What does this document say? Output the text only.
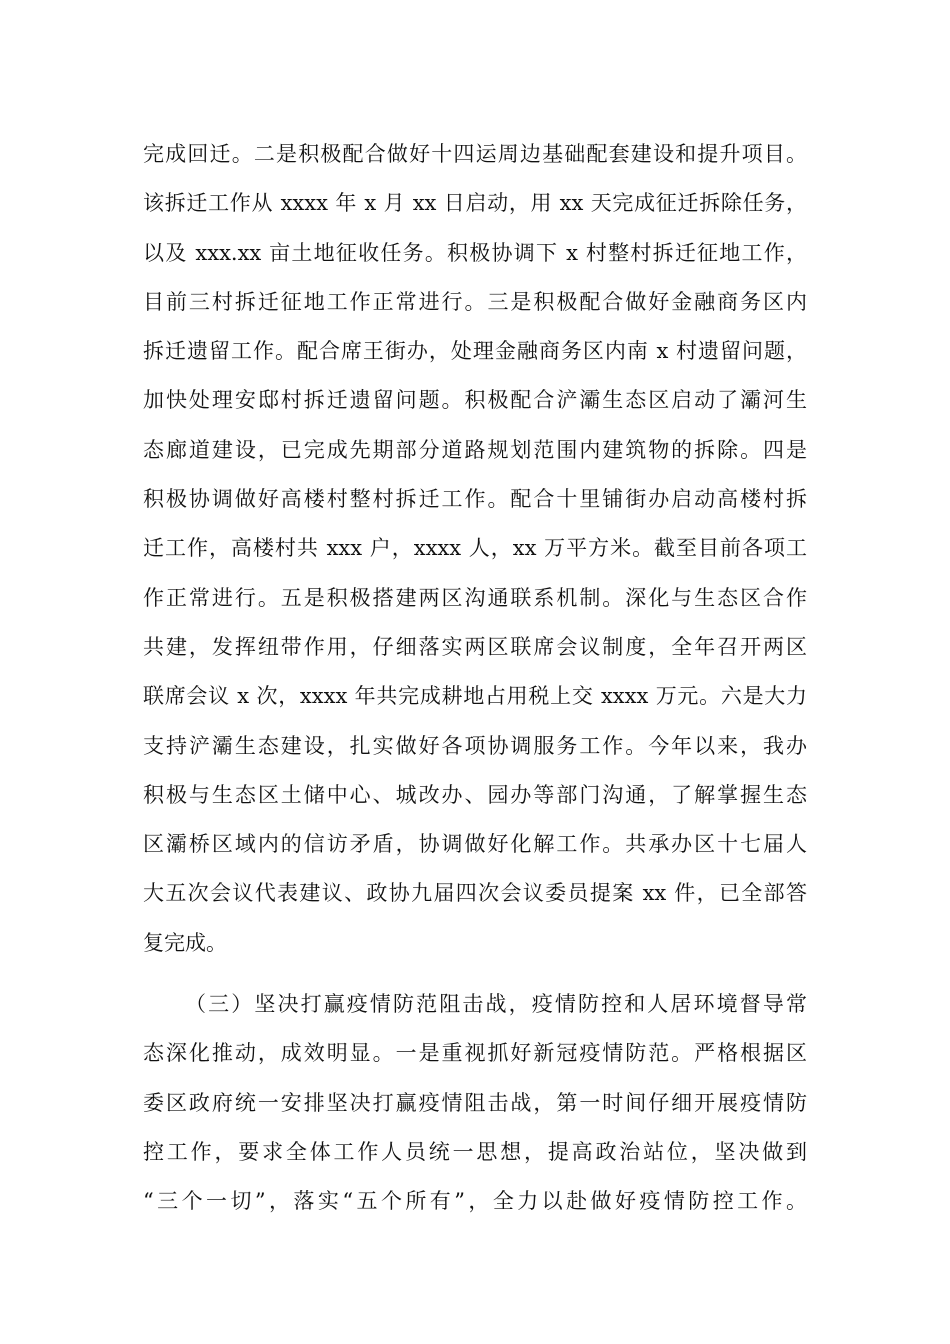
完成回迁。二是积极配合做好十四运周边基础配套建设和提升项目。
该拆迁工作从 xxxx 年 x 月 xx 日启动，用 xx 天完成征迁拆除任务，
以及 xxx.xx 亩土地征收任务。积极协调下 x 村整村拆迁征地工作，
目前三村拆迁征地工作正常进行。三是积极配合做好金融商务区内
拆迁遗留工作。配合席王街办，处理金融商务区内南 x 村遗留问题，
加快处理安邸村拆迁遗留问题。积极配合浐灞生态区启动了灞河生
态廊道建设，已完成先期部分道路规划范围内建筑物的拆除。四是
积极协调做好高楼村整村拆迁工作。配合十里铺街办启动高楼村拆
迁工作，高楼村共 xxx 户，xxxx 人，xx 万平方米。截至目前各项工
作正常进行。五是积极搭建两区沟通联系机制。深化与生态区合作
共建，发挥纽带作用，仔细落实两区联席会议制度，全年召开两区
联席会议 x 次，xxxx 年共完成耕地占用税上交 xxxx 万元。六是大力
支持浐灞生态建设，扎实做好各项协调服务工作。今年以来，我办
积极与生态区土储中心、城改办、园办等部门沟通，了解掌握生态
区灞桥区域内的信访矛盾，协调做好化解工作。共承办区十七届人
大五次会议代表建议、政协九届四次会议委员提案 xx 件，已全部答
复完成。
（三）坚决打赢疫情防范阻击战，疫情防控和人居环境督导常
态深化推动，成效明显。一是重视抓好新冠疫情防范。严格根据区
委区政府统一安排坚决打赢疫情阻击战，第一时间仔细开展疫情防
控工作，要求全体工作人员统一思想，提高政治站位，坚决做到
“三个一切”，落实“五个所有”，全力以赴做好疫情防控工作。
